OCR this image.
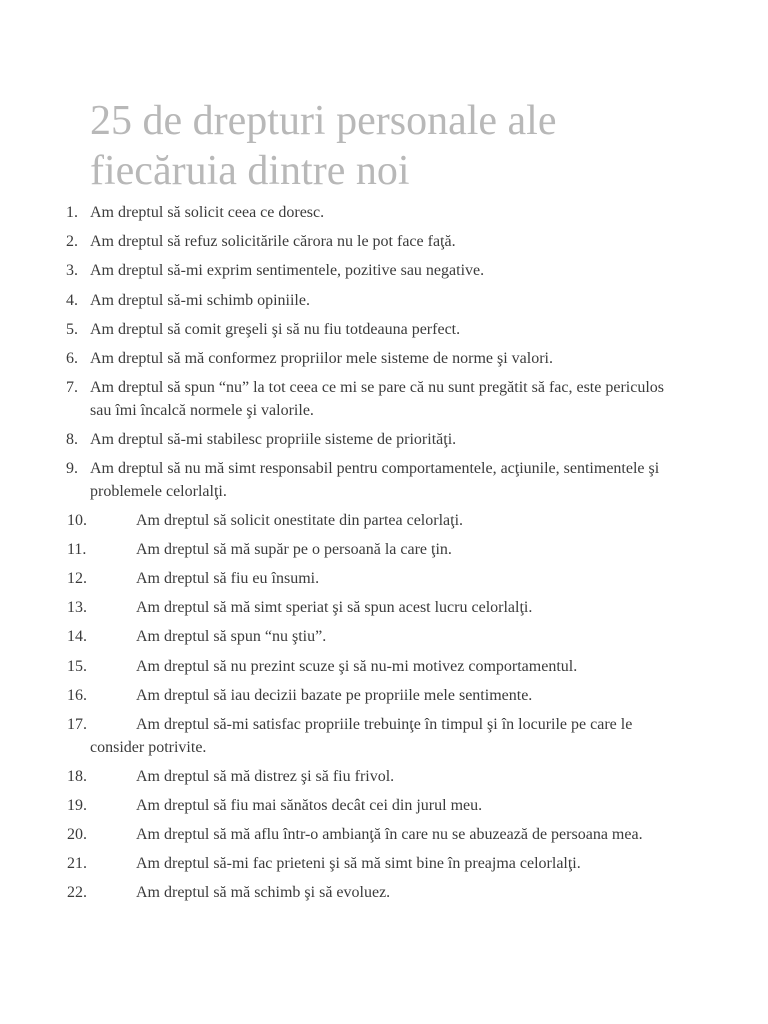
25 de drepturi personale ale fiecăruia dintre noi
1. Am dreptul să solicit ceea ce doresc.
2. Am dreptul să refuz solicitările cărora nu le pot face faţă.
3. Am dreptul să-mi exprim sentimentele, pozitive sau negative.
4. Am dreptul să-mi schimb opiniile.
5. Am dreptul să comit greşeli şi să nu fiu totdeauna perfect.
6. Am dreptul să mă conformez propriilor mele sisteme de norme şi valori.
7. Am dreptul să spun “nu” la tot ceea ce mi se pare că nu sunt pregătit să fac, este periculos sau îmi încalcă normele şi valorile.
8. Am dreptul să-mi stabilesc propriile sisteme de priorităţi.
9. Am dreptul să nu mă simt responsabil pentru comportamentele, acţiunile, sentimentele şi problemele celorlalţi.
10.	Am dreptul să solicit onestitate din partea celorlaţi.
11.	Am dreptul să mă supăr pe o persoană la care ţin.
12.	Am dreptul să fiu eu însumi.
13.	Am dreptul să mă simt speriat şi să spun acest lucru celorlalţi.
14.	Am dreptul să spun “nu ştiu”.
15.	Am dreptul să nu prezint scuze şi să nu-mi motivez comportamentul.
16.	Am dreptul să iau decizii bazate pe propriile mele sentimente.
17.	Am dreptul să-mi satisfac propriile trebuinţe în timpul şi în locurile pe care le consider potrivite.
18.	Am dreptul să mă distrez şi să fiu frivol.
19.	Am dreptul să fiu mai sănătos decât cei din jurul meu.
20.	Am dreptul să mă aflu într-o ambianţă în care nu se abuzează de persoana mea.
21.	Am dreptul să-mi fac prieteni şi să mă simt bine în preajma celorlalţi.
22.	Am dreptul să mă schimb şi să evoluez.
